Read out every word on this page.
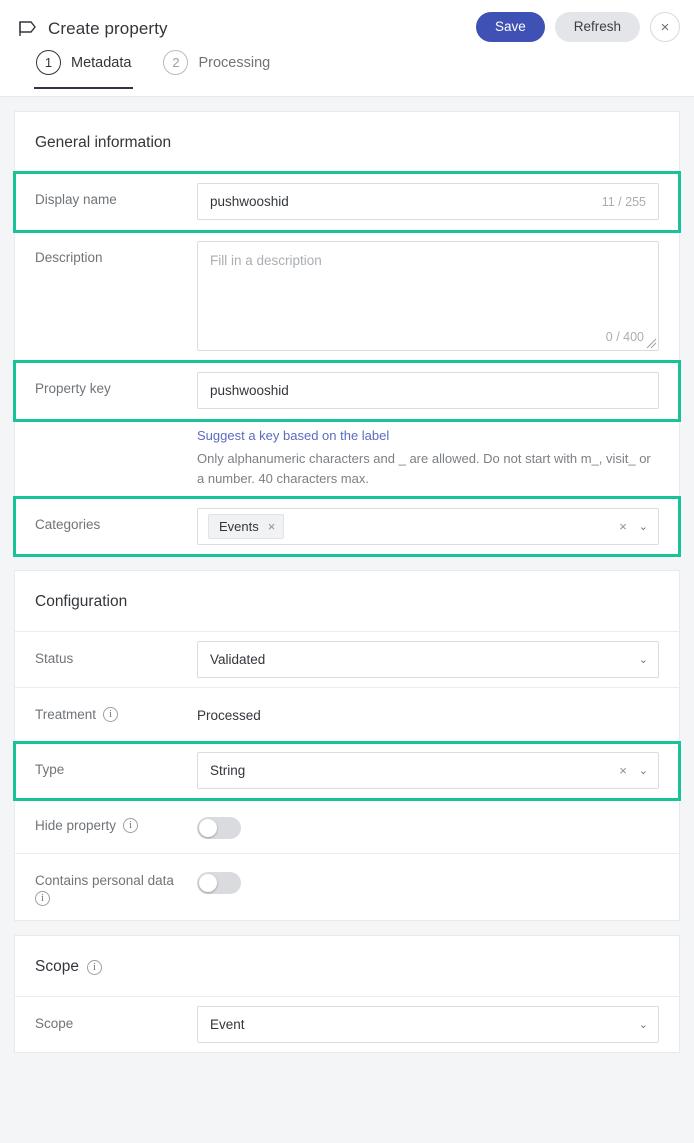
Create property	Save	Refresh	×
1	Metadata	2	Processing
General information
Display name	pushwooshid	11 / 255
Description	Fill in a description
0 / 400
Property key	pushwooshid
Suggest a key based on the label
Only alphanumeric characters and _ are allowed. Do not start with m_, visit_ or a number. 40 characters max.
Categories	Events ×	× ⌄
Configuration
Status	Validated	⌄
Treatment	i	Processed
Type	String	× ⌄
Hide property	i
Contains personal data
i
Scope	i
Scope	Event	⌄
